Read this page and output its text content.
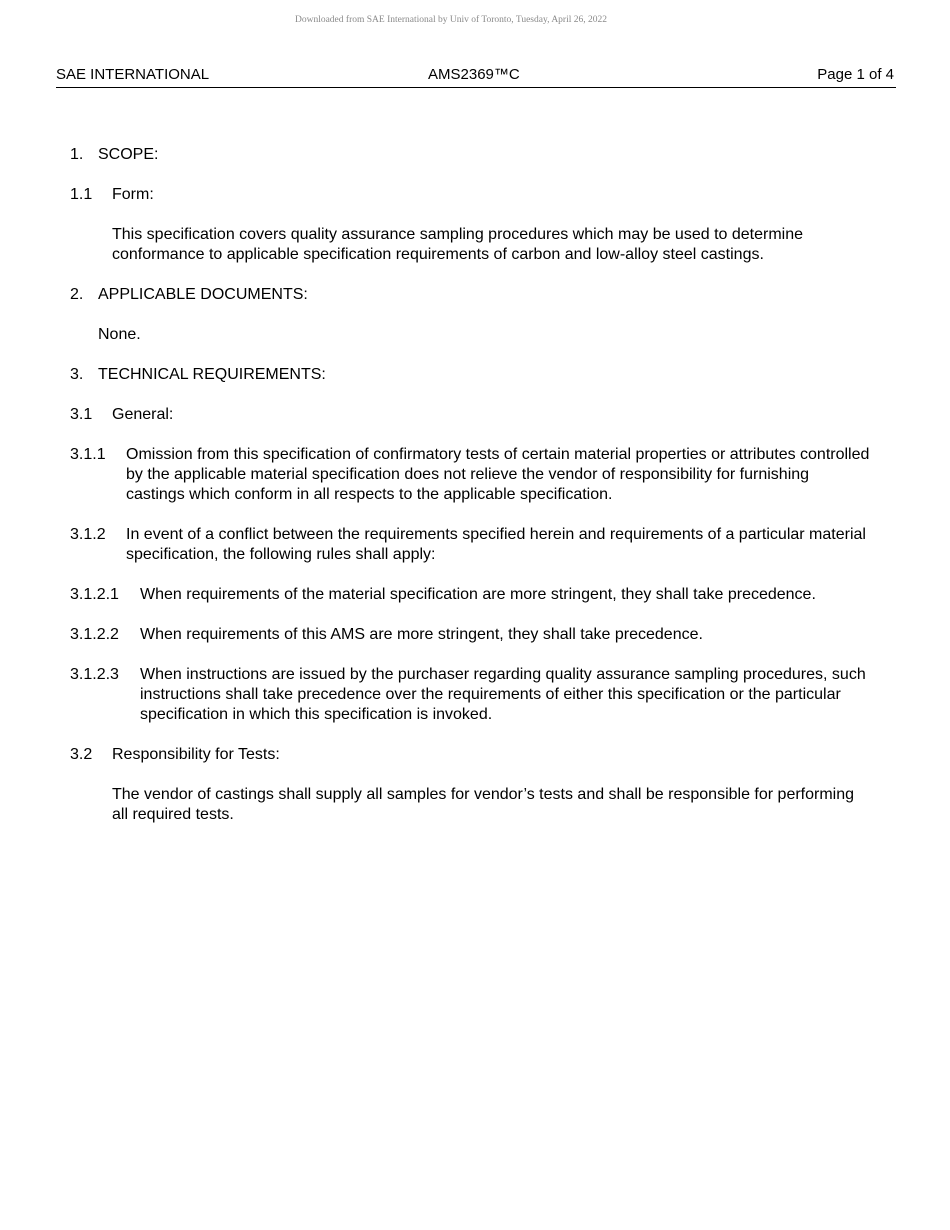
Downloaded from SAE International by Univ of Toronto, Tuesday, April 26, 2022
SAE INTERNATIONAL	AMS2369™C	Page 1 of 4
1. SCOPE:
1.1 Form:
This specification covers quality assurance sampling procedures which may be used to determine conformance to applicable specification requirements of carbon and low-alloy steel castings.
2. APPLICABLE DOCUMENTS:
None.
3. TECHNICAL REQUIREMENTS:
3.1 General:
3.1.1 Omission from this specification of confirmatory tests of certain material properties or attributes controlled by the applicable material specification does not relieve the vendor of responsibility for furnishing castings which conform in all respects to the applicable specification.
3.1.2 In event of a conflict between the requirements specified herein and requirements of a particular material specification, the following rules shall apply:
3.1.2.1 When requirements of the material specification are more stringent, they shall take precedence.
3.1.2.2 When requirements of this AMS are more stringent, they shall take precedence.
3.1.2.3 When instructions are issued by the purchaser regarding quality assurance sampling procedures, such instructions shall take precedence over the requirements of either this specification or the particular specification in which this specification is invoked.
3.2 Responsibility for Tests:
The vendor of castings shall supply all samples for vendor’s tests and shall be responsible for performing all required tests.
